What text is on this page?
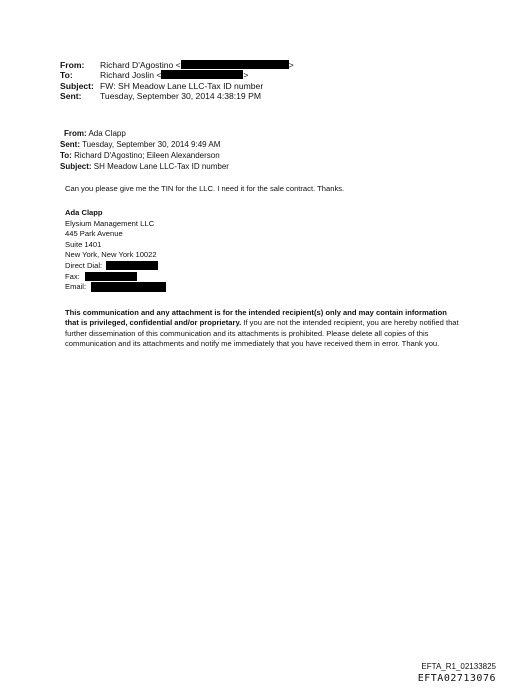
From:	Richard D'Agostino <	>
To:	Richard Joslin <	>
Subject: FW: SH Meadow Lane LLC-Tax ID number
Sent:	Tuesday, September 30, 2014 4:38:19 PM
From: Ada Clapp
Sent: Tuesday, September 30, 2014 9:49 AM
To: Richard D'Agostino; Eileen Alexanderson
Subject: SH Meadow Lane LLC-Tax ID number
Can you please give me the TIN for the LLC. I need it for the sale contract. Thanks.
Ada Clapp
Elysium Management LLC
445 Park Avenue
Suite 1401
New York, New York 10022
Direct Dial:
Fax:
Email:
This communication and any attachment is for the intended recipient(s) only and may contain information that is privileged, confidential and/or proprietary. If you are not the intended recipient, you are hereby notified that further dissemination of this communication and its attachments is prohibited. Please delete all copies of this communication and its attachments and notify me immediately that you have received them in error. Thank you.
EFTA_R1_02133825
EFTA02713076
